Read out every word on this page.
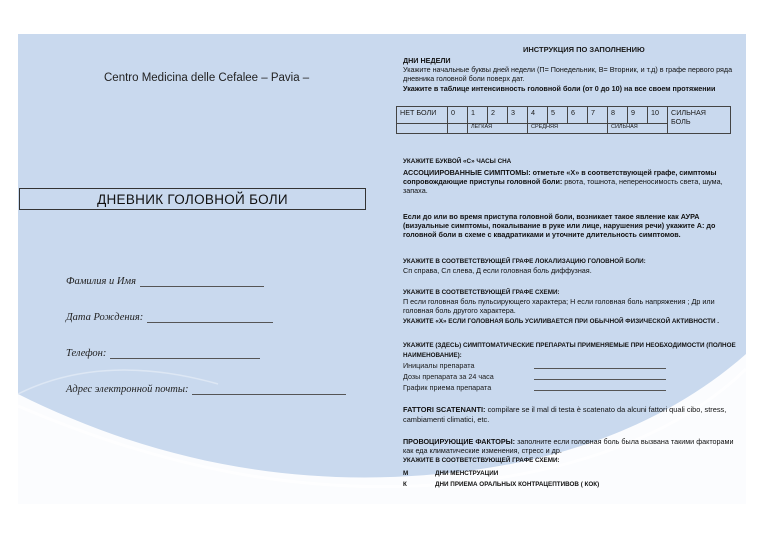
Centro Medicina delle Cefalee – Pavia –
ДНЕВНИК ГОЛОВНОЙ БОЛИ
Фамилия и Имя
Дата Рождения:
Телефон:
Адрес электронной почты:
ИНСТРУКЦИЯ ПО ЗАПОЛНЕНИЮ
ДНИ НЕДЕЛИ
Укажите начальные буквы дней недели (П= Понедельник, В= Вторник, и т.д) в графе первого ряда дневника головной боли поверх дат.
Укажите в таблице интенсивность головной боли (от 0 до 10) на все своем протяжении
НЕТ БОЛИ	0	1	2	3	4	5	6	7	8	9	10	СИЛЬНАЯ БОЛЬ
		ЛЕГКАЯ			СРЕДНЯЯ				СИЛЬНАЯ			
УКАЖИТЕ БУКВОЙ «С» ЧАСЫ СНА
АССОЦИИРОВАННЫЕ СИМПТОМЫ: отметьте «Х» в соответствующей графе, симптомы сопровождающие приступы головной боли: рвота, тошнота, непереносимость света, шума, запаха.
Если до или во время приступа головной боли, возникает такое явление как АУРА (визуальные симптомы, покалывание в руке или лице, нарушения речи) укажите А: до головной боли в схеме с квадратиками и уточните длительность симптомов.
УКАЖИТЕ В СООТВЕТСТВУЮЩЕЙ ГРАФЕ ЛОКАЛИЗАЦИЮ ГОЛОВНОЙ БОЛИ:
Сп справа, Сл слева, Д если головная боль диффузная.
УКАЖИТЕ В СООТВЕТСТВУЮЩЕЙ ГРАФЕ СХЕМИ:
П если головная боль пульсирующего характера; Н если головная боль напряжения ; Др или головная боль другого характера.
УКАЖИТЕ «Х» ЕСЛИ ГОЛОВНАЯ БОЛЬ УСИЛИВАЕТСЯ ПРИ ОБЫЧНОЙ ФИЗИЧЕСКОЙ АКТИВНОСТИ .
УКАЖИТЕ (ЗДЕСЬ) СИМПТОМАТИЧЕСКИЕ ПРЕПАРАТЫ ПРИМЕНЯЕМЫЕ ПРИ НЕОБХОДИМОСТИ (ПОЛНОЕ НАИМЕНОВАНИЕ):
Инициалы препарата
Дозы препарата за 24 часа
График приема препарата
FATTORI SCATENANTI: compilare se il mal di testa è scatenato da alcuni fattori quali cibo, stress, cambiamenti climatici, etc.
ПРОВОЦИРУЮЩИЕ ФАКТОРЫ: заполните если головная боль была вызвана такими факторами как еда климатические изменения, стресс и др.
УКАЖИТЕ В СООТВЕТСТВУЮЩЕЙ ГРАФЕ СХЕМИ:
М	ДНИ МЕНСТРУАЦИИ
К	ДНИ ПРИЕМА ОРАЛЬНЫХ КОНТРАЦЕПТИВОВ ( КОК)
